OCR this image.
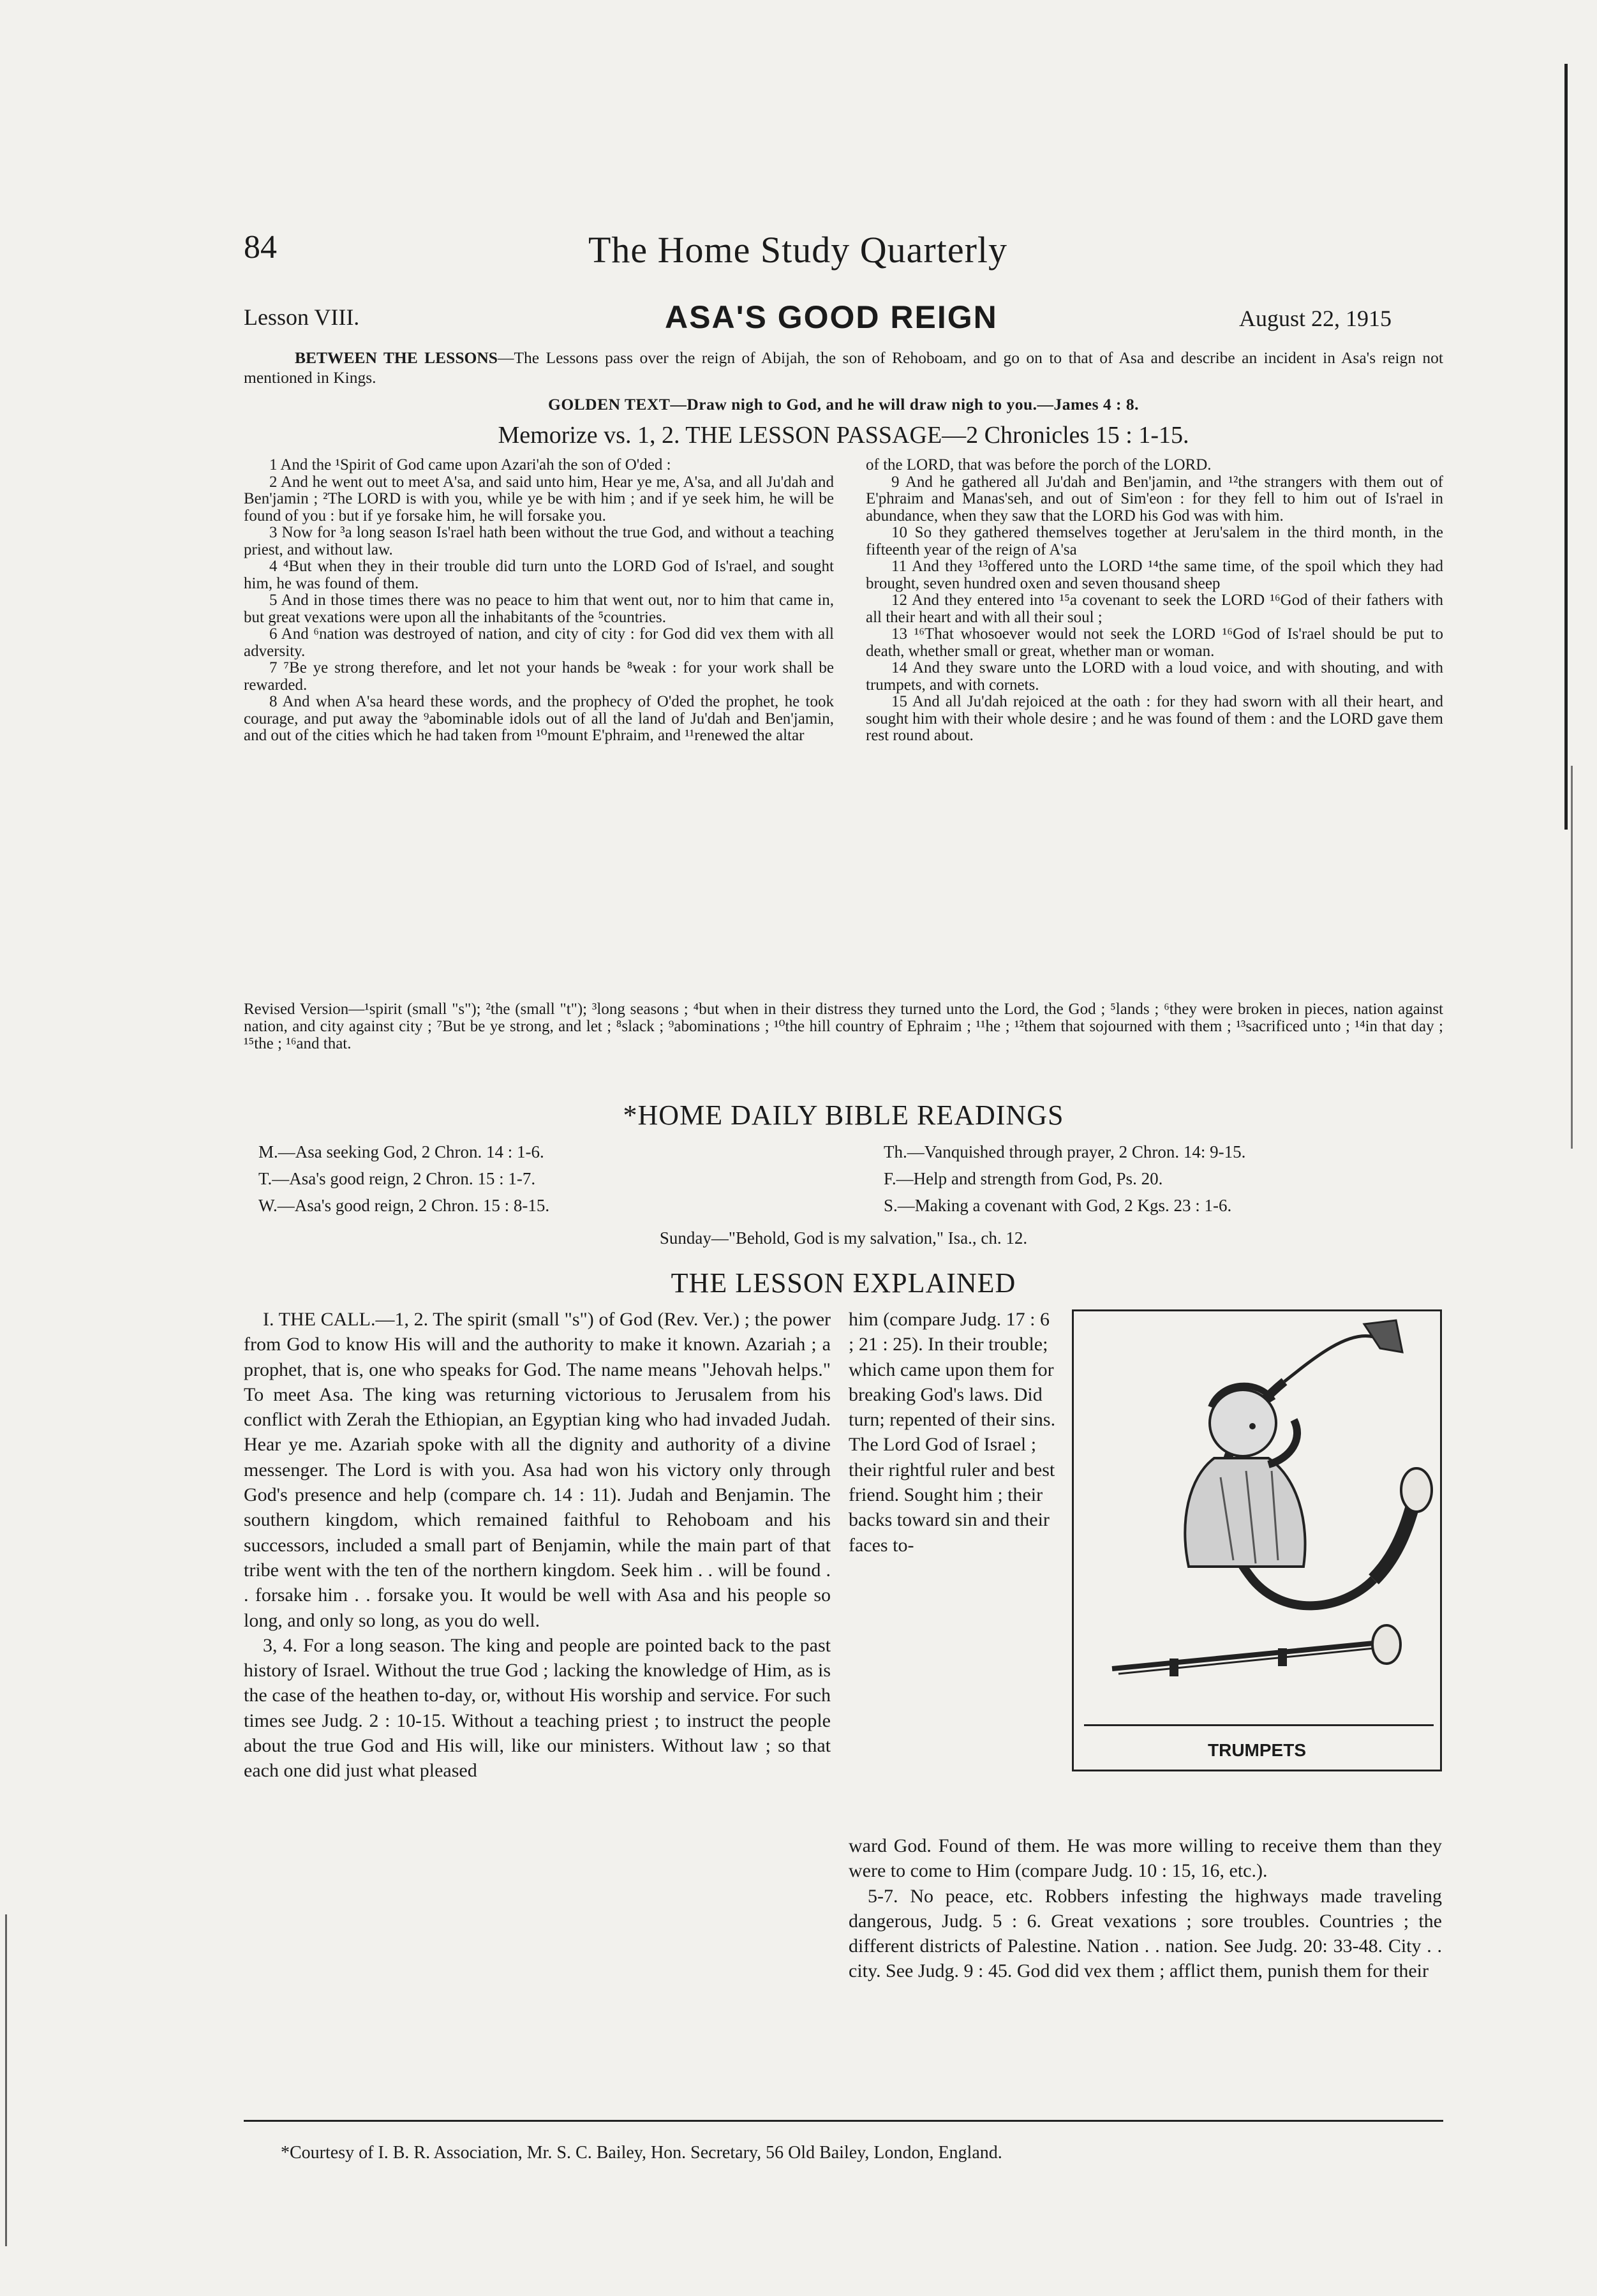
84	The Home Study Quarterly
Lesson VIII.	ASA'S GOOD REIGN	August 22, 1915
BETWEEN THE LESSONS—The Lessons pass over the reign of Abijah, the son of Rehoboam, and go on to that of Asa and describe an incident in Asa's reign not mentioned in Kings.
GOLDEN TEXT—Draw nigh to God, and he will draw nigh to you.—James 4 : 8.
Memorize vs. 1, 2. THE LESSON PASSAGE—2 Chronicles 15 : 1-15.

1 And the ¹Spirit of God came upon Azari'ah the son of O'ded :

2 And he went out to meet A'sa, and said unto him, Hear ye me, A'sa, and all Ju'dah and Ben'jamin ; ²The LORD is with you, while ye be with him ; and if ye seek him, he will be found of you : but if ye forsake him, he will forsake you.

3 Now for ³a long season Is'rael hath been without the true God, and without a teaching priest, and without law.

4 ⁴But when they in their trouble did turn unto the LORD God of Is'rael, and sought him, he was found of them.

5 And in those times there was no peace to him that went out, nor to him that came in, but great vexations were upon all the inhabitants of the ⁵countries.

6 And ⁶nation was destroyed of nation, and city of city : for God did vex them with all adversity.

7 ⁷Be ye strong therefore, and let not your hands be ⁸weak : for your work shall be rewarded.

8 And when A'sa heard these words, and the prophecy of O'ded the prophet, he took courage, and put away the ⁹abominable idols out of all the land of Ju'dah and Ben'jamin, and out of the cities which he had taken from ¹⁰mount E'phraim, and ¹¹renewed the altar

of the LORD, that was before the porch of the LORD.

9 And he gathered all Ju'dah and Ben'jamin, and ¹²the strangers with them out of E'phraim and Manas'seh, and out of Sim'eon : for they fell to him out of Is'rael in abundance, when they saw that the LORD his God was with him.

10 So they gathered themselves together at Jeru'salem in the third month, in the fifteenth year of the reign of A'sa

11 And they ¹³offered unto the LORD ¹⁴the same time, of the spoil which they had brought, seven hundred oxen and seven thousand sheep

12 And they entered into ¹⁵a covenant to seek the LORD ¹⁶God of their fathers with all their heart and with all their soul ;

13 ¹⁶That whosoever would not seek the LORD ¹⁶God of Is'rael should be put to death, whether small or great, whether man or woman.

14 And they sware unto the LORD with a loud voice, and with shouting, and with trumpets, and with cornets.

15 And all Ju'dah rejoiced at the oath : for they had sworn with all their heart, and sought him with their whole desire ; and he was found of them : and the LORD gave them rest round about.

Revised Version—¹spirit (small "s"); ²the (small "t"); ³long seasons ; ⁴but when in their distress they turned unto the Lord, the God ; ⁵lands ; ⁶they were broken in pieces, nation against nation, and city against city ; ⁷But be ye strong, and let ; ⁸slack ; ⁹abominations ; ¹⁰the hill country of Ephraim ; ¹¹he ; ¹²them that sojourned with them ; ¹³sacrificed unto ; ¹⁴in that day ; ¹⁵the ; ¹⁶and that.
*HOME DAILY BIBLE READINGS
M.—Asa seeking God, 2 Chron. 14 : 1-6.
T.—Asa's good reign, 2 Chron. 15 : 1-7.
W.—Asa's good reign, 2 Chron. 15 : 8-15.
Th.—Vanquished through prayer, 2 Chron. 14: 9-15.
F.—Help and strength from God, Ps. 20.
S.—Making a covenant with God, 2 Kgs. 23 : 1-6.
Sunday—"Behold, God is my salvation," Isa., ch. 12.
THE LESSON EXPLAINED

I. THE CALL.—1, 2. The spirit (small "s") of God (Rev. Ver.) ; the power from God to know His will and the authority to make it known. Azariah ; a prophet, that is, one who speaks for God. The name means "Jehovah helps." To meet Asa. The king was returning victorious to Jerusalem from his conflict with Zerah the Ethiopian, an Egyptian king who had invaded Judah. Hear ye me. Azariah spoke with all the dignity and authority of a divine messenger. The Lord is with you. Asa had won his victory only through God's presence and help (compare ch. 14 : 11). Judah and Benjamin. The southern kingdom, which remained faithful to Rehoboam and his successors, included a small part of Benjamin, while the main part of that tribe went with the ten of the northern kingdom. Seek him . . will be found . . forsake him . . forsake you. It would be well with Asa and his people so long, and only so long, as you do well.

3, 4. For a long season. The king and people are pointed back to the past history of Israel. Without the true God ; lacking the knowledge of Him, as is the case of the heathen to-day, or, without His worship and service. For such times see Judg. 2 : 10-15. Without a teaching priest ; to instruct the people about the true God and His will, like our ministers. Without law ; so that each one did just what pleased

him (compare Judg. 17 : 6 ; 21 : 25). In their trouble; which came upon them for breaking God's laws. Did turn; repented of their sins. The Lord God of Israel ; their rightful ruler and best friend. Sought him ; their backs toward sin and their faces to-
TRUMPETS

ward God. Found of them. He was more willing to receive them than they were to come to Him (compare Judg. 10 : 15, 16, etc.).

5-7. No peace, etc. Robbers infesting the highways made traveling dangerous, Judg. 5 : 6. Great vexations ; sore troubles. Countries ; the different districts of Palestine. Nation . . nation. See Judg. 20: 33-48. City . . city. See Judg. 9 : 45. God did vex them ; afflict them, punish them for their

*Courtesy of I. B. R. Association, Mr. S. C. Bailey, Hon. Secretary, 56 Old Bailey, London, England.
